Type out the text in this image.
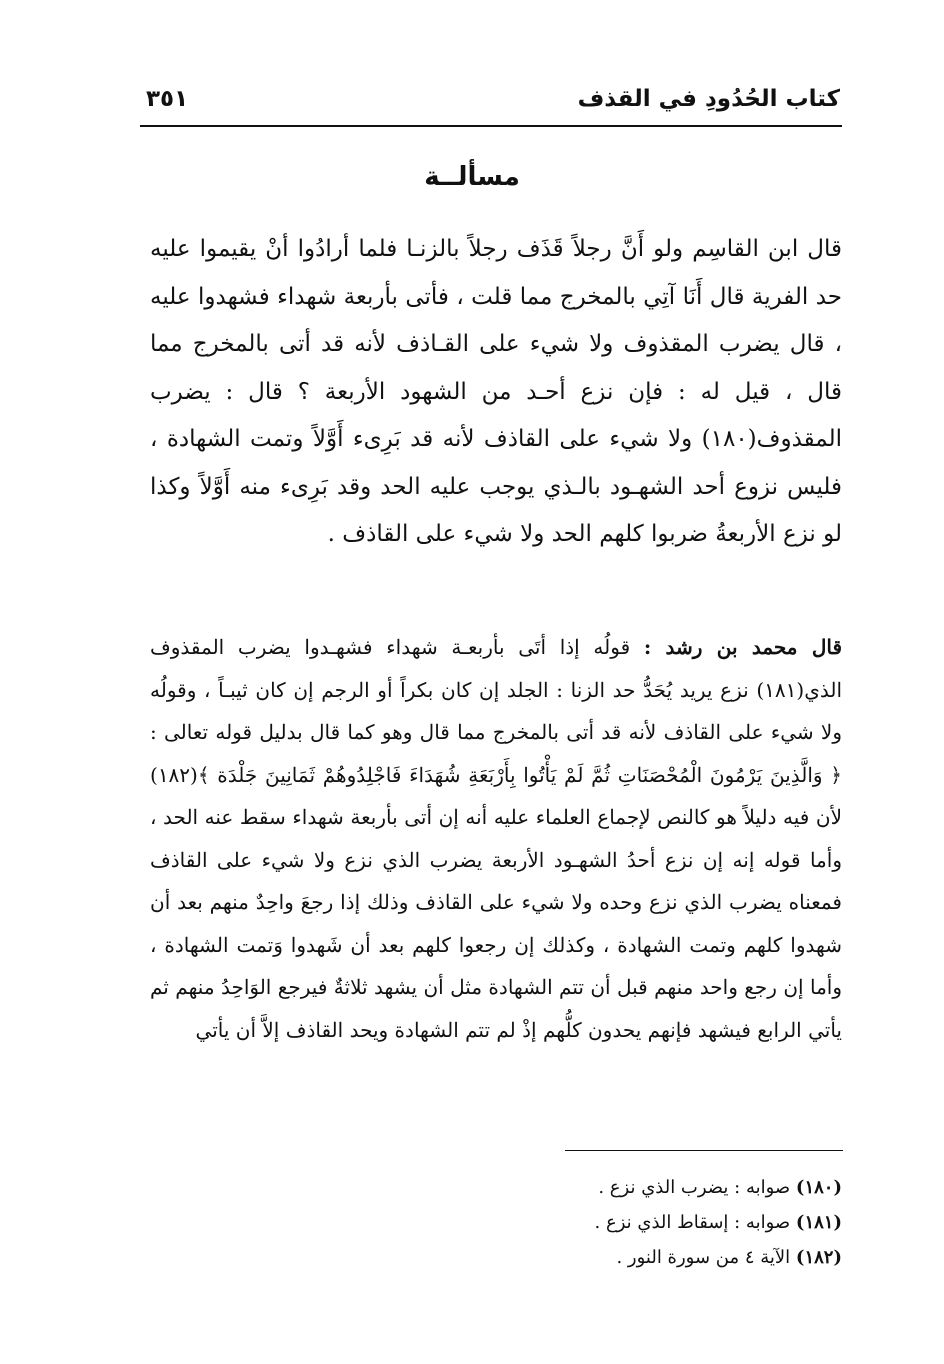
كتاب الحُدُودِ في القذف
٣٥١
مسألــة
قال ابن القاسِم ولو أَنَّ رجلاً قَذَف رجلاً بالزنـا فلما أرادُوا أنْ يقيموا عليه حد الفرية قال أَنَا آتِي بالمخرج مما قلت ، فأتى بأربعة شهداء فشهدوا عليه ، قال يضرب المقذوف ولا شيء على القـاذف لأنه قد أتى بالمخرج مما قال ، قيل له : فإن نزع أحـد من الشهود الأربعة ؟ قال : يضرب المقذوف(١٨٠) ولا شيء على القاذف لأنه قد بَرِىء أَوَّلاً وتمت الشهادة ، فليس نزوع أحد الشهـود بالـذي يوجب عليه الحد وقد بَرِىء منه أَوَّلاً وكذا لو نزع الأربعةُ ضربوا كلهم الحد ولا شيء على القاذف .
قال محمد بن رشد : قولُه إذا أتَى بأربعـة شهداء فشهـدوا يضرب المقذوف الذي(١٨١) نزع يريد يُحَدُّ حد الزنا : الجلد إن كان بكراً أو الرجم إن كان ثيبـاً ، وقولُه ولا شيء على القاذف لأنه قد أتى بالمخرج مما قال وهو كما قال بدليل قوله تعالى : ﴿ وَالَّذِينَ يَرْمُونَ الْمُحْصَنَاتِ ثُمَّ لَمْ يَأْتُوا بِأَرْبَعَةِ شُهَدَاءَ فَاجْلِدُوهُمْ ثَمَانِينَ جَلْدَة ﴾(١٨٢) لأن فيه دليلاً هو كالنص لإجماع العلماء عليه أنه إن أتى بأربعة شهداء سقط عنه الحد ، وأما قوله إنه إن نزع أحدُ الشهـود الأربعة يضرب الذي نزع ولا شيء على القاذف فمعناه يضرب الذي نزع وحده ولا شيء على القاذف وذلك إذا رجعَ واحِدٌ منهم بعد أن شهدوا كلهم وتمت الشهادة ، وكذلك إن رجعوا كلهم بعد أن شَهدوا وَتمت الشهادة ، وأما إن رجع واحد منهم قبل أن تتم الشهادة مثل أن يشهد ثلاثةٌ فيرجع الوَاحِدُ منهم ثم يأتي الرابع فيشهد فإنهم يحدون كلُّهم إذْ لم تتم الشهادة ويحد القاذف إلاَّ أن يأتي
(١٨٠) صوابه : يضرب الذي نزع .
(١٨١) صوابه : إسقاط الذي نزع .
(١٨٢) الآية ٤ من سورة النور .
